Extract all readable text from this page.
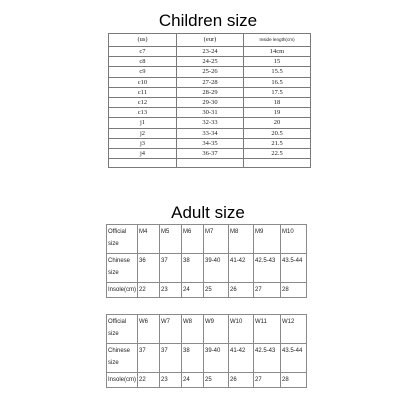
Children size
(us)	(eur)	Inside length(cm)
c7	23-24	14cm
c8	24-25	15
c9	25-26	15.5
c10	27-28	16.5
c11	28-29	17.5
c12	29-30	18
c13	30-31	19
j1	32-33	20
j2	33-34	20.5
j3	34-35	21.5
j4	36-37	22.5

Adult size
Official size	M4	M5	M6	M7	M8	M9	M10
Chinese size	36	37	38	39-40	41-42	42.5-43	43.5-44
Insole(cm)	22	23	24	25	26	27	28
Official size	W6	W7	W8	W9	W10	W11	W12
Chinese size	37	37	38	39-40	41-42	42.5-43	43.5-44
Insole(cm)	22	23	24	25	26	27	28
